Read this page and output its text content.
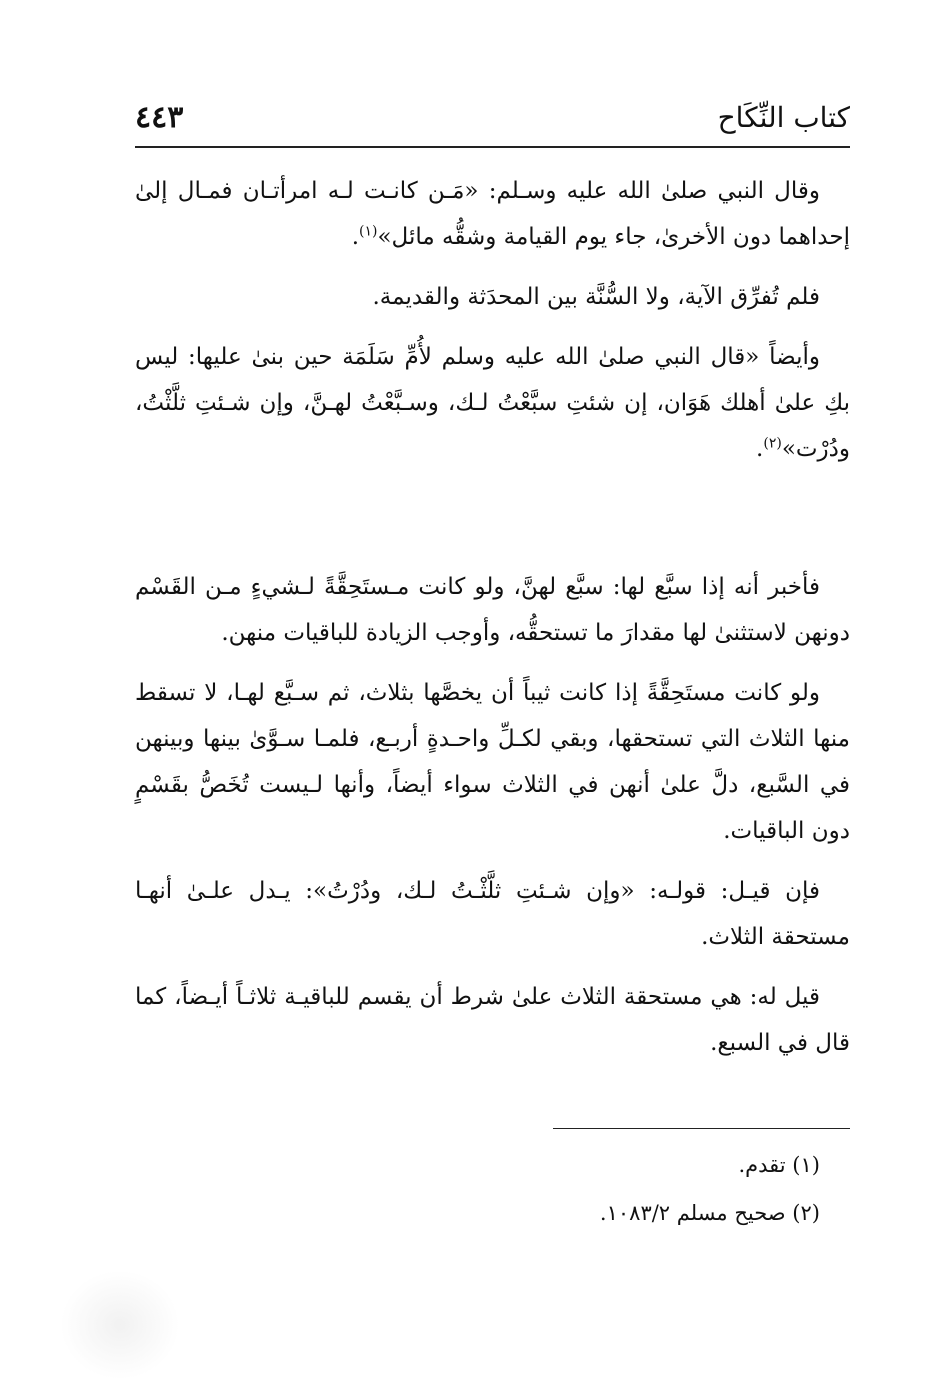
كتاب النِّكَاح
٤٤٣

وقال النبي صلىٰ الله عليه وسـلم: «مَـن كانـت لـه امرأتـان فمـال إلىٰ إحداهما دون الأخرىٰ، جاء يوم القيامة وشقُّه مائل»$^{(١)}$.

فلم تُفرِّق الآية، ولا السُّنَّة بين المحدَثة والقديمة.

وأيضاً «قال النبي صلىٰ الله عليه وسلم لأُمِّ سَلَمَة حين بنىٰ عليها: ليس بكِ علىٰ أهلك هَوَان، إن شئتِ سبَّعْتُ لـك، وسـبَّعْتُ لهـنَّ، وإن شـئتِ ثلَّثْتُ، ودُرْت»$^{(٢)}$.

فأخبر أنه إذا سبَّع لها: سبَّع لهنَّ، ولو كانت مـستَحِقَّةً لـشيءٍ مـن القَسْم دونهن لاستثنىٰ لها مقدارَ ما تستحقُّه، وأوجب الزيادة للباقيات منهن.

ولو كانت مستَحِقَّةً إذا كانت ثيباً أن يخصَّها بثلاث، ثم سـبَّع لهـا، لا تسقط منها الثلاث التي تستحقها، وبقي لكـلِّ واحـدةٍ أربـع، فلمـا سـوَّىٰ بينها وبينهن في السَّبع، دلَّ علىٰ أنهن في الثلاث سواء أيضاً، وأنها لـيست تُخَصُّ بقَسْمٍ دون الباقيات.

فإن قيـل: قولـه: «وإن شـئتِ ثلَّثْـتُ لـك، ودُرْتُ»: يـدل علـىٰ أنهـا مستحقة الثلاث.

قيل له: هي مستحقة الثلاث علىٰ شرط أن يقسم للباقيـة ثلاثـاً أيـضاً، كما قال في السبع.

(١) تقدم.

(٢) صحيح مسلم ١٠٨٣/٢.
